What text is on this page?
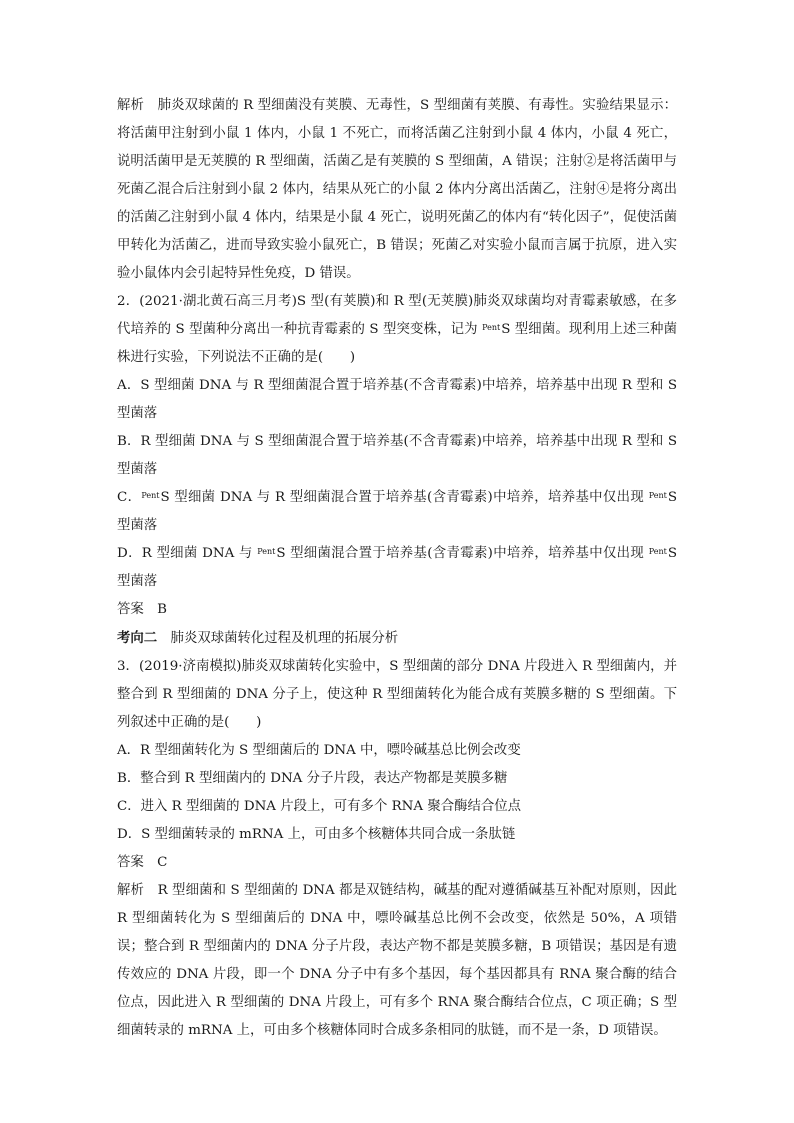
解析　 肺炎双球菌的 R 型细菌没有荚膜、无毒性，S 型细菌有荚膜、有毒性。实验结果显示：将活菌甲注射到小鼠 1 体内，小鼠 1 不死亡，而将活菌乙注射到小鼠 4 体内，小鼠 4 死亡，说明活菌甲是无荚膜的 R 型细菌，活菌乙是有荚膜的 S 型细菌，A 错误；注射②是将活菌甲与死菌乙混合后注射到小鼠 2 体内，结果从死亡的小鼠 2 体内分离出活菌乙，注射④是将分离出的活菌乙注射到小鼠 4 体内，结果是小鼠 4 死亡，说明死菌乙的体内有“转化因子”，促使活菌甲转化为活菌乙，进而导致实验小鼠死亡，B 错误；死菌乙对实验小鼠而言属于抗原，进入实验小鼠体内会引起特异性免疫，D 错误。

2．(2021·湖北黄石高三月考)S 型(有荚膜)和 R 型(无荚膜)肺炎双球菌均对青霉素敏感，在多代培养的 S 型菌种分离出一种抗青霉素的 S 型突变株，记为 $^{Pent}$S 型细菌。现利用上述三种菌株进行实验，下列说法不正确的是(　　)

A．S 型细菌 DNA 与 R 型细菌混合置于培养基(不含青霉素)中培养，培养基中出现 R 型和 S 型菌落

B．R 型细菌 DNA 与 S 型细菌混合置于培养基(不含青霉素)中培养，培养基中出现 R 型和 S 型菌落

C．$^{Pent}$S 型细菌 DNA 与 R 型细菌混合置于培养基(含青霉素)中培养，培养基中仅出现 $^{Pent}$S 型菌落

D．R 型细菌 DNA 与 $^{Pent}$S 型细菌混合置于培养基(含青霉素)中培养，培养基中仅出现 $^{Pent}$S 型菌落

答案　B

考向二　肺炎双球菌转化过程及机理的拓展分析

3．(2019·济南模拟)肺炎双球菌转化实验中，S 型细菌的部分 DNA 片段进入 R 型细菌内，并整合到 R 型细菌的 DNA 分子上，使这种 R 型细菌转化为能合成有荚膜多糖的 S 型细菌。下列叙述中正确的是(　　)

A．R 型细菌转化为 S 型细菌后的 DNA 中，嘌呤碱基总比例会改变

B．整合到 R 型细菌内的 DNA 分子片段，表达产物都是荚膜多糖

C．进入 R 型细菌的 DNA 片段上，可有多个 RNA 聚合酶结合位点

D．S 型细菌转录的 mRNA 上，可由多个核糖体共同合成一条肽链

答案　C

解析　 R 型细菌和 S 型细菌的 DNA 都是双链结构，碱基的配对遵循碱基互补配对原则，因此 R 型细菌转化为 S 型细菌后的 DNA 中，嘌呤碱基总比例不会改变，依然是 50%，A 项错误；整合到 R 型细菌内的 DNA 分子片段，表达产物不都是荚膜多糖，B 项错误；基因是有遗传效应的 DNA 片段，即一个 DNA 分子中有多个基因，每个基因都具有 RNA 聚合酶的结合位点，因此进入 R 型细菌的 DNA 片段上，可有多个 RNA 聚合酶结合位点，C 项正确；S 型细菌转录的 mRNA 上，可由多个核糖体同时合成多条相同的肽链，而不是一条，D 项错误。
